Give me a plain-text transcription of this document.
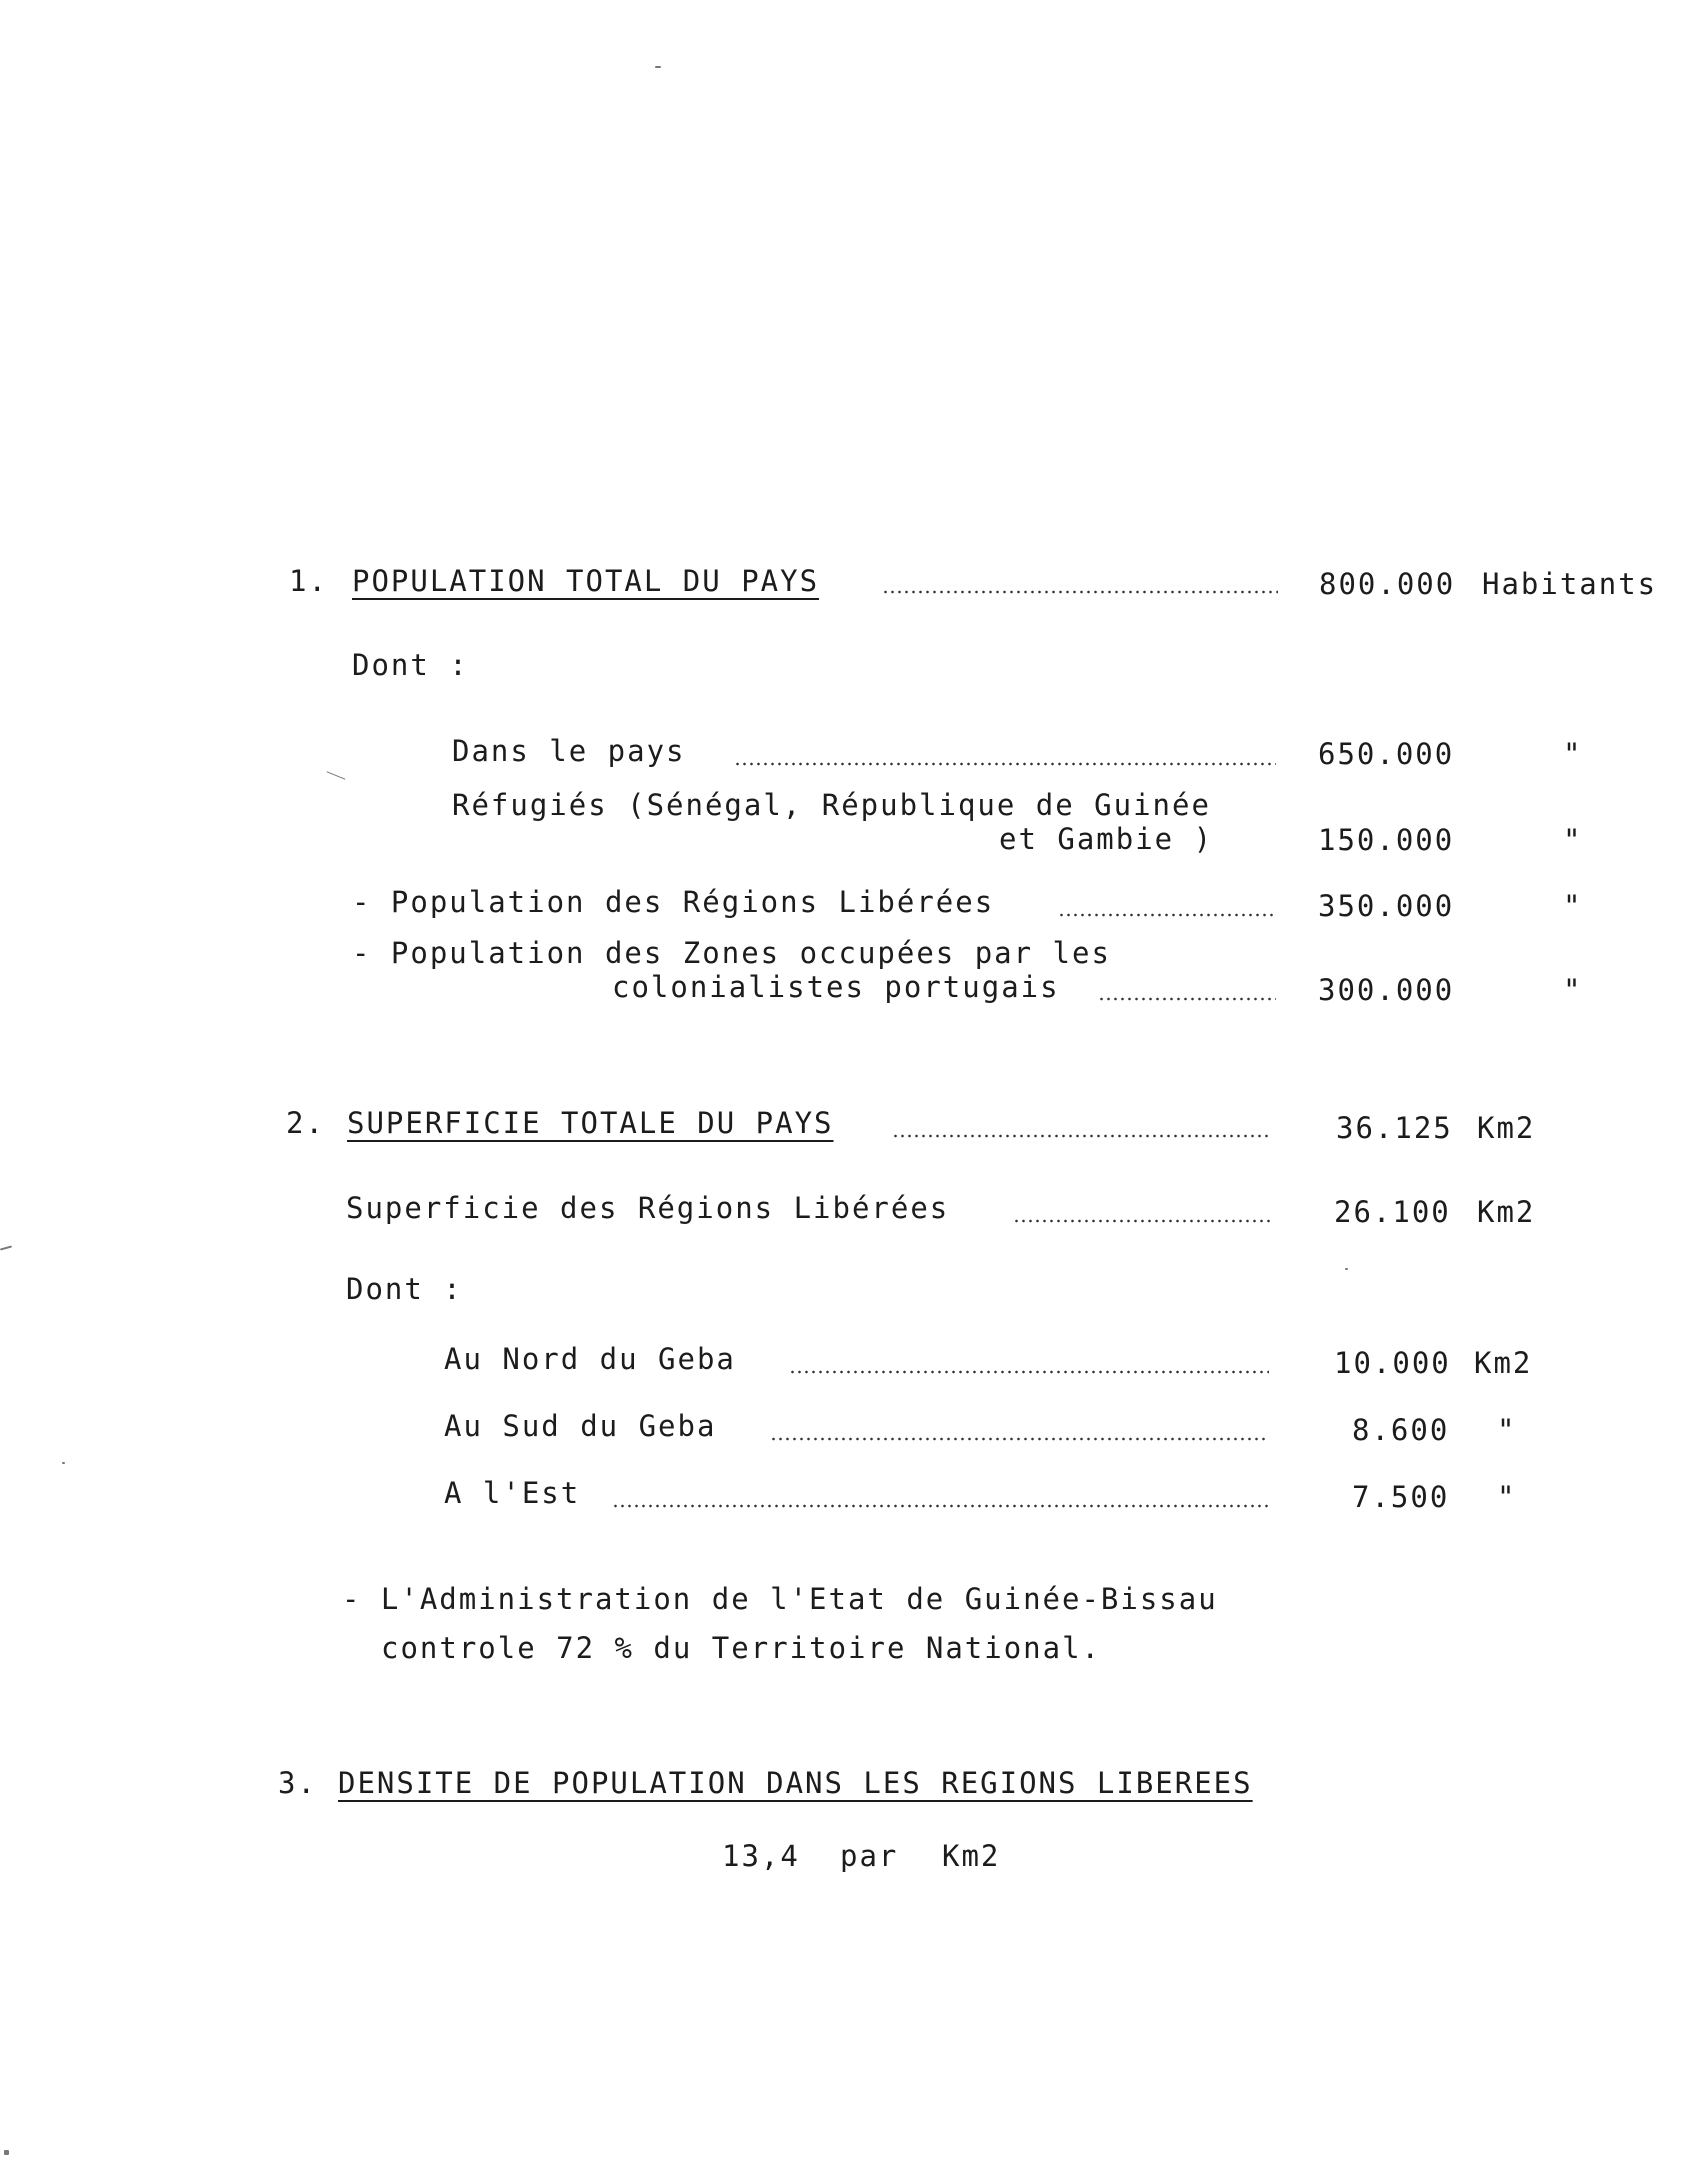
1. POPULATION TOTAL DU PAYS	800.000 Habitants
Dont :
Dans le pays	650.000	"
Réfugiés (Sénégal, République de Guinée
et Gambie )	150.000	"
- Population des Régions Libérées	350.000	"
- Population des Zones occupées par les
colonialistes portugais	300.000	"
2. SUPERFICIE TOTALE DU PAYS	36.125 Km2
Superficie des Régions Libérées	26.100 Km2
Dont :
Au Nord du Geba	10.000 Km2
Au Sud du Geba	8.600 "
A l'Est	7.500 "
- L'Administration de l'Etat de Guinée-Bissau
controle 72 % du Territoire National.
3. DENSITE DE POPULATION DANS LES REGIONS LIBEREES
13,4 par Km2
